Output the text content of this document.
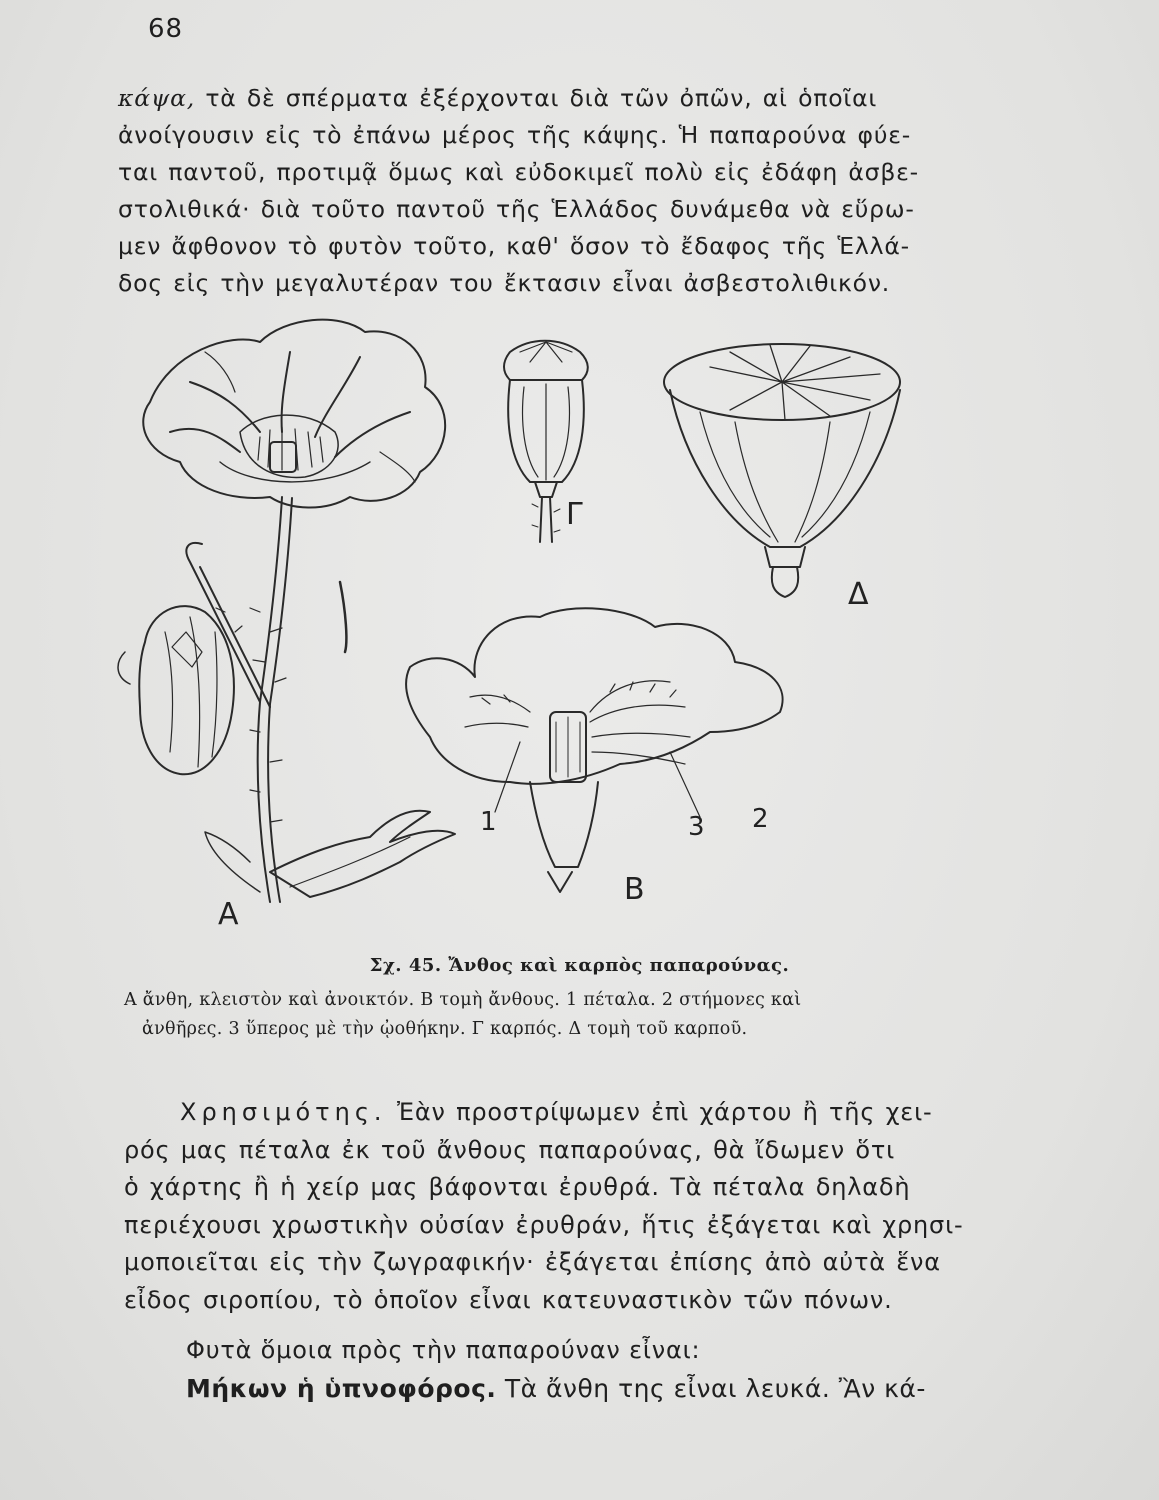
68
κάψα, τὰ δὲ σπέρματα ἐξέρχονται διὰ τῶν ὀπῶν, αἱ ὁποῖαι
ἀνοίγουσιν εἰς τὸ ἐπάνω μέρος τῆς κάψης. Ἡ παπαρούνα φύε-
ται παντοῦ, προτιμᾷ ὅμως καὶ εὐδοκιμεῖ πολὺ εἰς ἐδάφη ἀσβε-
στολιθικά· διὰ τοῦτο παντοῦ τῆς Ἑλλάδος δυνάμεθα νὰ εὕρω-
μεν ἄφθονον τὸ φυτὸν τοῦτο, καθ' ὅσον τὸ ἔδαφος τῆς Ἑλλά-
δος εἰς τὴν μεγαλυτέραν του ἔκτασιν εἶναι ἀσβεστολιθικόν.
Α
Β
Γ
Δ
1	2
3
Σχ. 45. Ἄνθος καὶ καρπὸς παπαρούνας.
Α ἄνθη, κλειστὸν καὶ ἀνοικτόν. Β τομὴ ἄνθους. 1 πέταλα. 2 στήμονες καὶ
ἀνθῆρες. 3 ὕπερος μὲ τὴν ᾠοθήκην. Γ καρπός. Δ τομὴ τοῦ καρποῦ.
Χρησιμότης. Ἐὰν προστρίψωμεν ἐπὶ χάρτου ἢ τῆς χει-
ρός μας πέταλα ἐκ τοῦ ἄνθους παπαρούνας, θὰ ἴδωμεν ὅτι
ὁ χάρτης ἢ ἡ χείρ μας βάφονται ἐρυθρά. Τὰ πέταλα δηλαδὴ
περιέχουσι χρωστικὴν οὐσίαν ἐρυθράν, ἥτις ἐξάγεται καὶ χρησι-
μοποιεῖται εἰς τὴν ζωγραφικήν· ἐξάγεται ἐπίσης ἀπὸ αὐτὰ ἕνα
εἶδος σιροπίου, τὸ ὁποῖον εἶναι κατευναστικὸν τῶν πόνων.
Φυτὰ ὅμοια πρὸς τὴν παπαρούναν εἶναι:
Μήκων ἡ ὑπνοφόρος. Τὰ ἄνθη της εἶναι λευκά. Ἂν κά-
